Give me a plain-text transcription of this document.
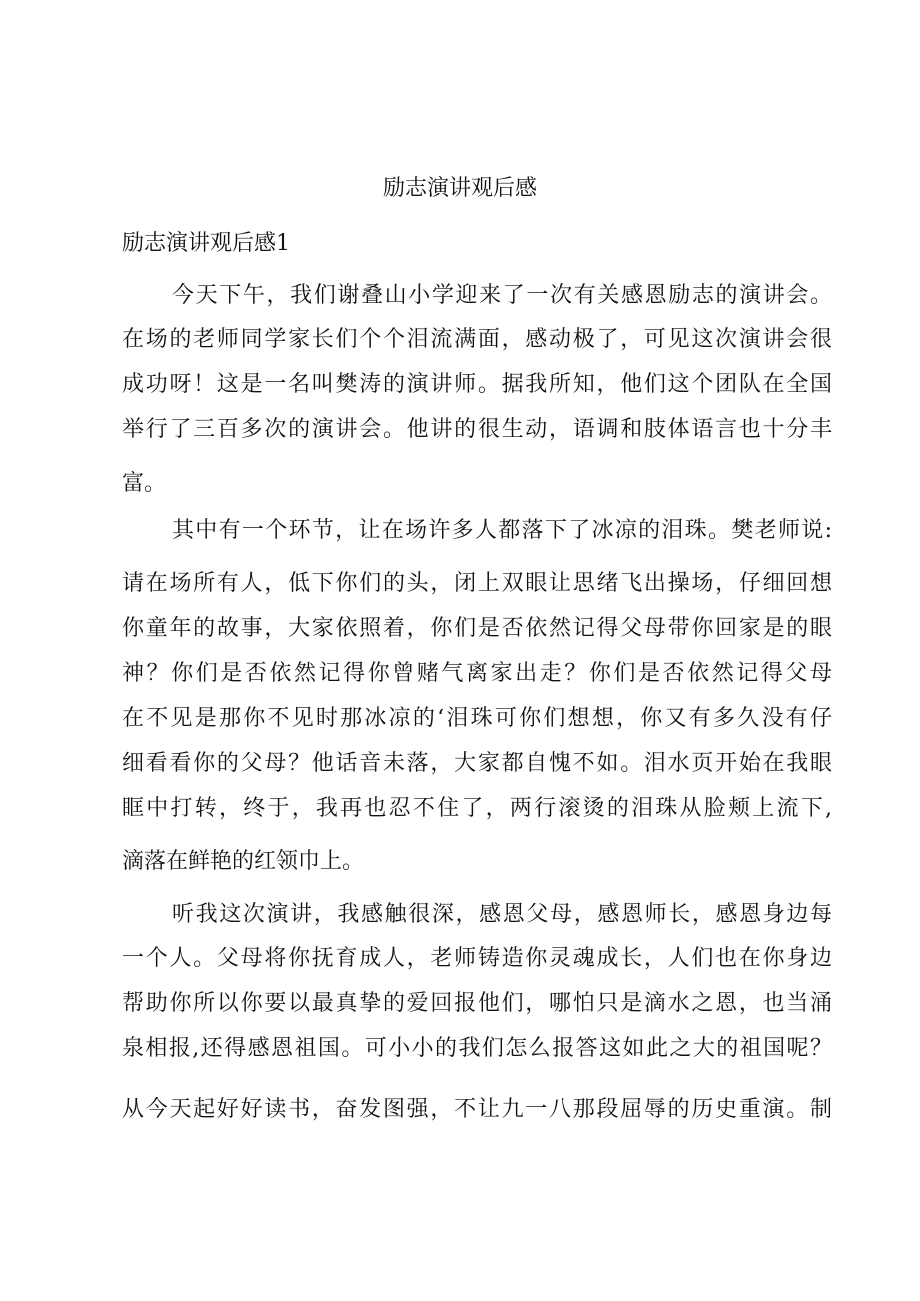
励志演讲观后感
励志演讲观后感1
今天下午，我们谢叠山小学迎来了一次有关感恩励志的演讲会。
在场的老师同学家长们个个泪流满面，感动极了，可见这次演讲会很
成功呀！这是一名叫樊涛的演讲师。据我所知，他们这个团队在全国
举行了三百多次的演讲会。他讲的很生动，语调和肢体语言也十分丰
富。
其中有一个环节，让在场许多人都落下了冰凉的泪珠。樊老师说:
请在场所有人，低下你们的头，闭上双眼让思绪飞出操场，仔细回想
你童年的故事，大家依照着，你们是否依然记得父母带你回家是的眼
神？你们是否依然记得你曾赌气离家出走？你们是否依然记得父母
在不见是那你不见时那冰凉的‘泪珠可你们想想，你又有多久没有仔
细看看你的父母？他话音未落，大家都自愧不如。泪水页开始在我眼
眶中打转，终于，我再也忍不住了，两行滚烫的泪珠从脸颊上流下,
滴落在鲜艳的红领巾上。
听我这次演讲，我感触很深，感恩父母，感恩师长，感恩身边每
一个人。父母将你抚育成人，老师铸造你灵魂成长，人们也在你身边
帮助你所以你要以最真挚的爱回报他们，哪怕只是滴水之恩，也当涌
泉相报,还得感恩祖国。可小小的我们怎么报答这如此之大的祖国呢？
从今天起好好读书，奋发图强，不让九一八那段屈辱的历史重演。制
